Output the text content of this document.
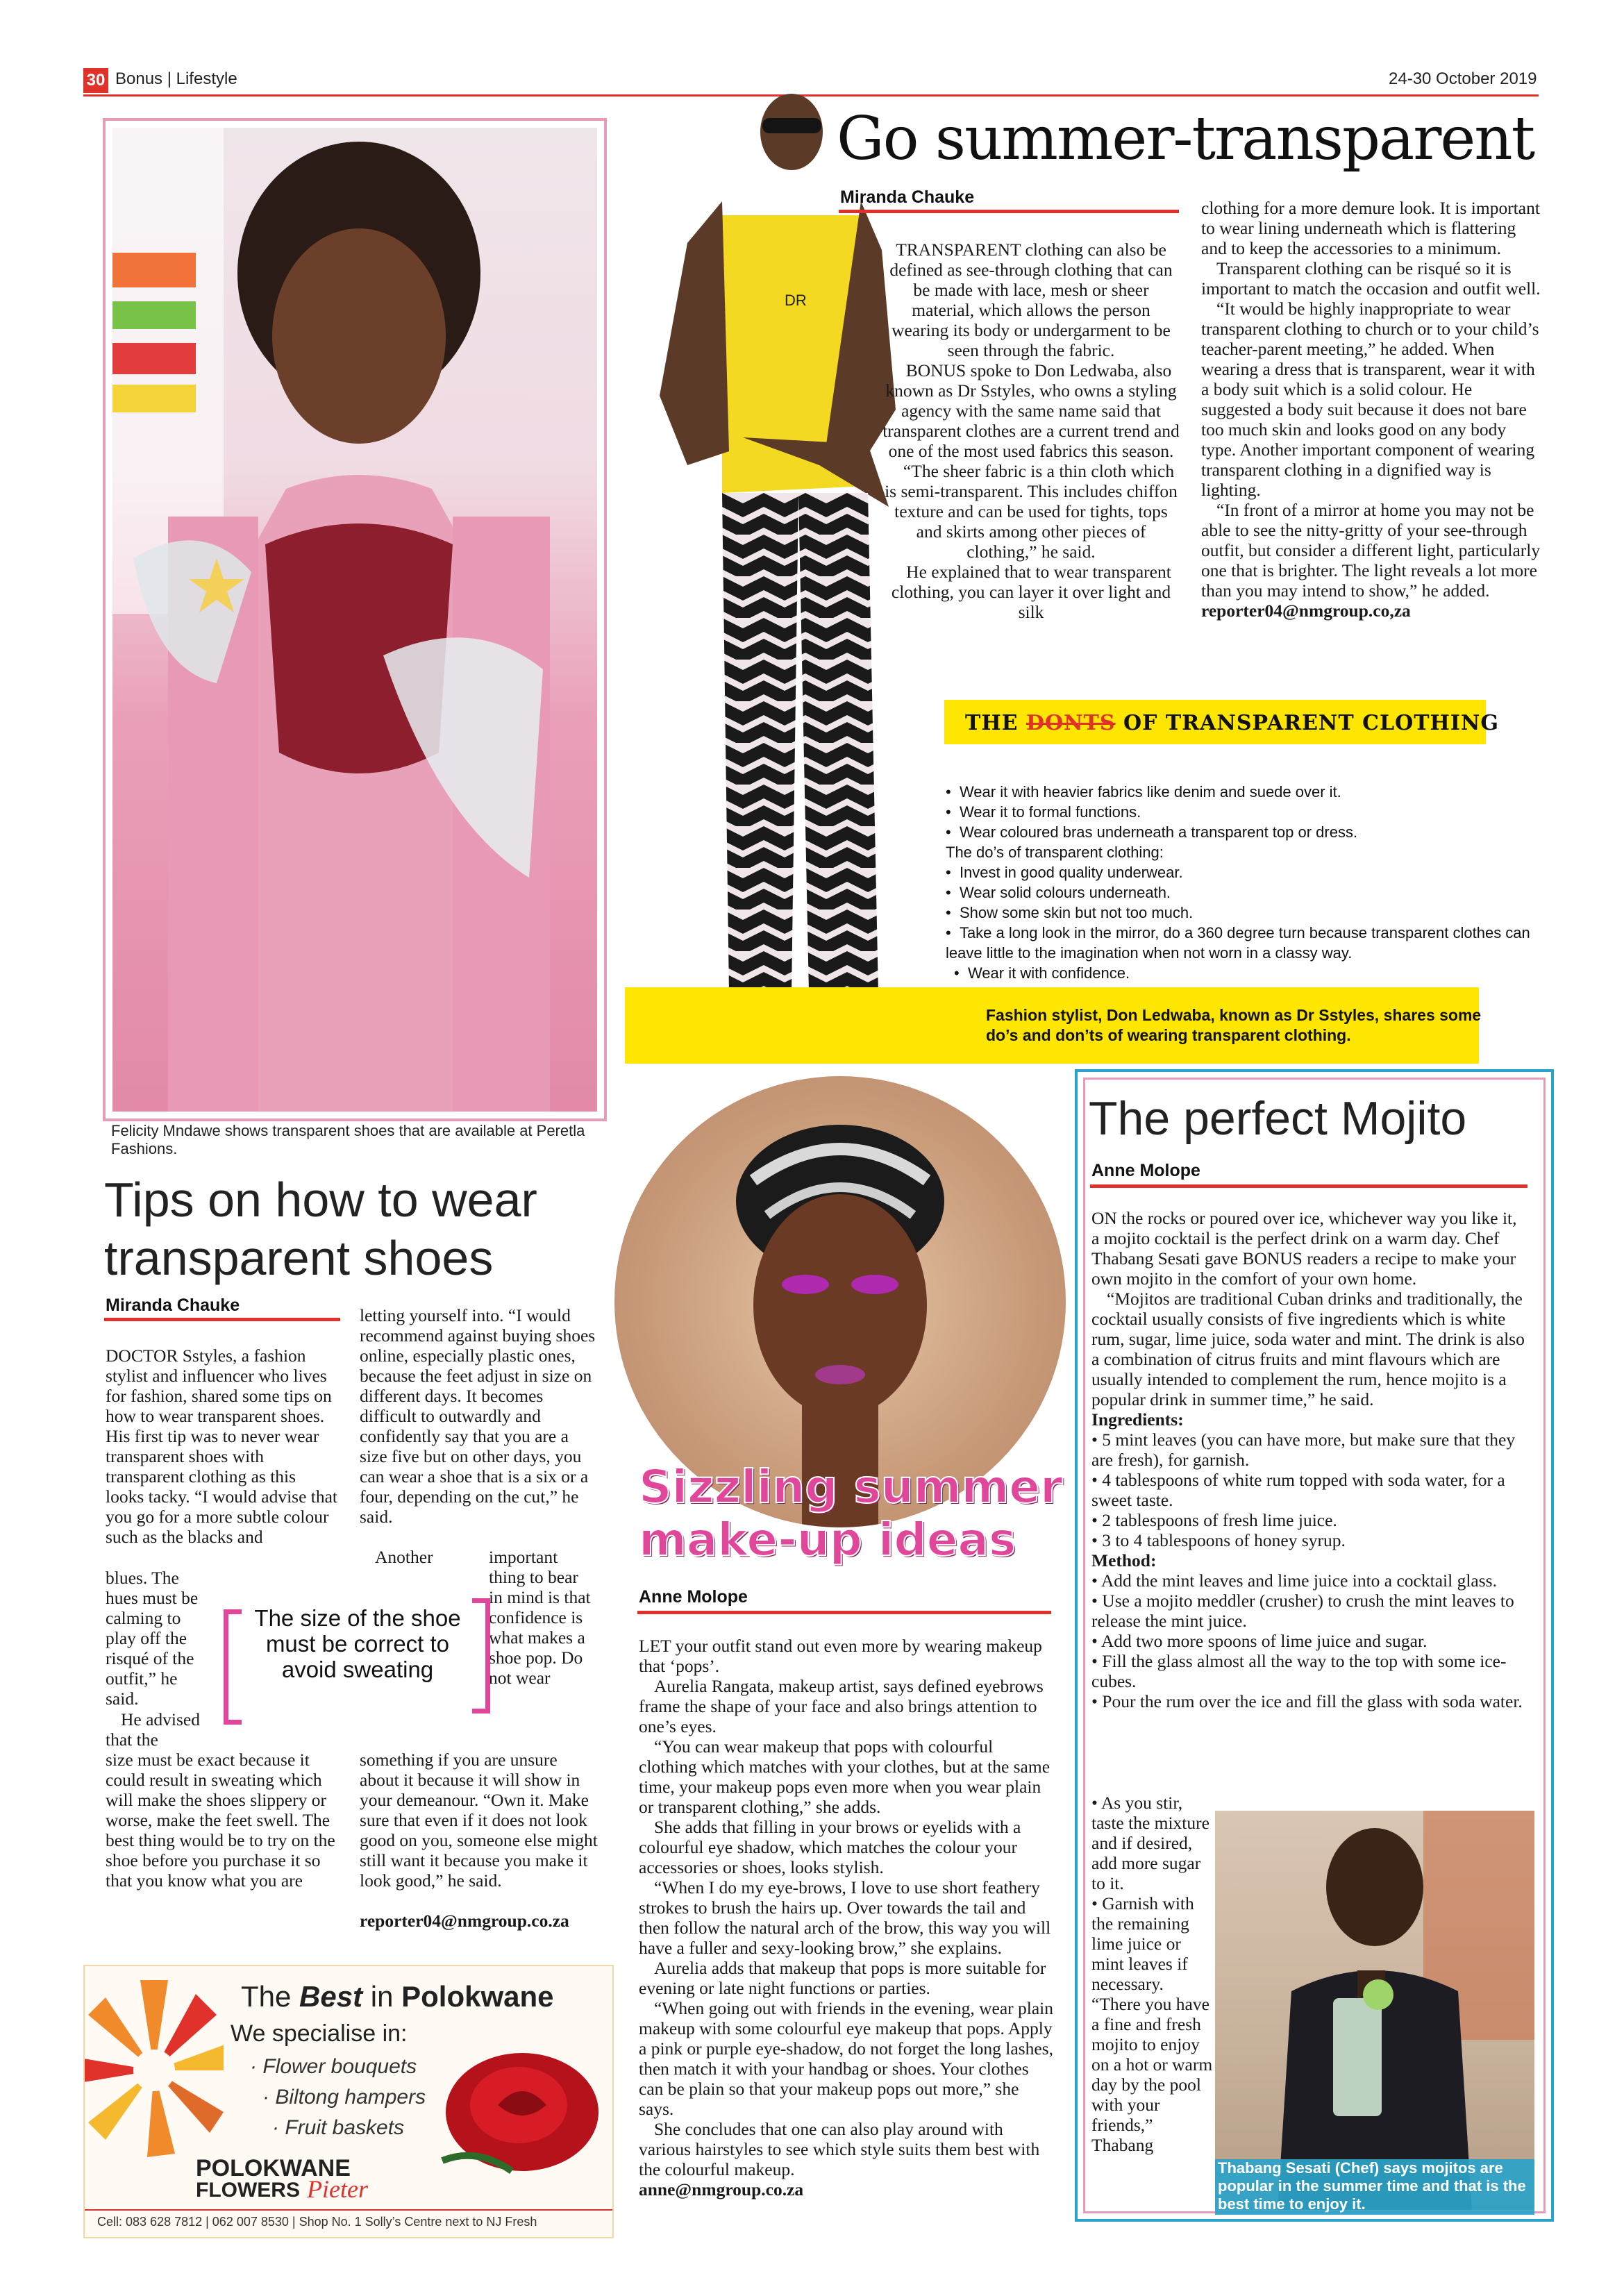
30 Bonus | Lifestyle	24-30 October 2019
Go summer-transparent
Felicity Mndawe shows transparent shoes that are available at Peretla Fashions.
DR
Miranda Chauke

TRANSPARENT clothing can also be defined as see-through clothing that can be made with lace, mesh or sheer material, which allows the person wearing its body or undergarment to be seen through the fabric.

BONUS spoke to Don Ledwaba, also known as Dr Sstyles, who owns a styling agency with the same name said that transparent clothes are a current trend and one of the most used fabrics this season.

“The sheer fabric is a thin cloth which is semi-transparent. This includes chiffon texture and can be used for tights, tops and skirts among other pieces of clothing,” he said.

He explained that to wear transparent clothing, you can layer it over light and silk

clothing for a more demure look. It is important to wear lining underneath which is flattering and to keep the accessories to a minimum.

Transparent clothing can be risqué so it is important to match the occasion and outfit well.

“It would be highly inappropriate to wear transparent clothing to church or to your child’s teacher-parent meeting,” he added. When wearing a dress that is transparent, wear it with a body suit which is a solid colour. He suggested a body suit because it does not bare too much skin and looks good on any body type. Another important component of wearing transparent clothing in a dignified way is lighting.

“In front of a mirror at home you may not be able to see the nitty-gritty of your see-through outfit, but consider a different light, particularly one that is brighter. The light reveals a lot more than you may intend to show,” he added.

reporter04@nmgroup.co,za

THE DONTS OF TRANSPARENT CLOTHING
•  Wear it with heavier fabrics like denim and suede over it.
•  Wear it to formal functions.
•  Wear coloured bras underneath a transparent top or dress.
The do’s of transparent clothing:
•  Invest in good quality underwear.
•  Wear solid colours underneath.
•  Show some skin but not too much.
•  Take a long look in the mirror, do a 360 degree turn because transparent clothes can leave little to the imagination when not worn in a classy way.
•  Wear it with confidence.
Fashion stylist, Don Ledwaba, known as Dr Sstyles, shares some do’s and don’ts of wearing transparent clothing.
Tips on how to wear
transparent shoes
Miranda Chauke
DOCTOR Sstyles, a fashion stylist and influencer who lives for fashion, shared some tips on how to wear transparent shoes. His first tip was to never wear transparent shoes with transparent clothing as this looks tacky. “I would advise that you go for a more subtle colour such as the blacks and
blues. The hues must be calming to play off the risqué of the outfit,” he said.
He advised that the
size must be exact because it could result in sweating which will make the shoes slippery or worse, make the feet swell. The best thing would be to try on the shoe before you purchase it so that you know what you are
letting yourself into. “I would recommend against buying shoes online, especially plastic ones, because the feet adjust in size on different days. It becomes difficult to outwardly and confidently say that you are a size five but on other days, you can wear a shoe that is a six or a four, depending on the cut,” he said.
Another	important thing to bear in mind is that confidence is what makes a shoe pop. Do not wear
something if you are unsure about it because it will show in your demeanour. “Own it. Make sure that even if it does not look good on you, someone else might still want it because you make it look good,” he said.
reporter04@nmgroup.co.za
The size of the shoe must be correct to avoid sweating
Sizzling summer
make-up ideas
Anne Molope

LET your outfit stand out even more by wearing makeup that ‘pops’.

Aurelia Rangata, makeup artist, says defined eyebrows frame the shape of your face and also brings attention to one’s eyes.

“You can wear makeup that pops with colourful clothing which matches with your clothes, but at the same time, your makeup pops even more when you wear plain or transparent clothing,” she adds.

She adds that filling in your brows or eyelids with a colourful eye shadow, which matches the colour your accessories or shoes, looks stylish.

“When I do my eye-brows, I love to use short feathery strokes to brush the hairs up. Over towards the tail and then follow the natural arch of the brow, this way you will have a fuller and sexy-looking brow,” she explains.

Aurelia adds that makeup that pops is more suitable for evening or late night functions or parties.

“When going out with friends in the evening, wear plain makeup with some colourful eye makeup that pops. Apply a pink or purple eye-shadow, do not forget the long lashes, then match it with your handbag or shoes. Your clothes can be plain so that your makeup pops out more,” she says.

She concludes that one can also play around with various hairstyles to see which style suits them best with the colourful makeup.

anne@nmgroup.co.za

The perfect Mojito
Anne Molope

ON the rocks or poured over ice, whichever way you like it, a mojito cocktail is the perfect drink on a warm day. Chef Thabang Sesati gave BONUS readers a recipe to make your own mojito in the comfort of your own home.

“Mojitos are traditional Cuban drinks and traditionally, the cocktail usually consists of five ingredients which is white rum, sugar, lime juice, soda water and mint. The drink is also a combination of citrus fruits and mint flavours which are usually intended to complement the rum, hence mojito is a popular drink in summer time,” he said.

Ingredients:

• 5 mint leaves (you can have more, but make sure that they are fresh), for garnish.

• 4 tablespoons of white rum topped with soda water, for a sweet taste.

• 2 tablespoons of fresh lime juice.

• 3 to 4 tablespoons of honey syrup.

Method:

• Add the mint leaves and lime juice into a cocktail glass.

• Use a mojito meddler (crusher) to crush the mint leaves to release the mint juice.

• Add two more spoons of lime juice and sugar.

• Fill the glass almost all the way to the top with some ice-cubes.

• Pour the rum over the ice and fill the glass with soda water.

• As you stir, taste the mixture and if desired, add more sugar to it.
• Garnish with the remaining lime juice or mint leaves if necessary.
“There you have a fine and fresh mojito to enjoy on a hot or warm day by the pool with your friends,” Thabang
Thabang Sesati (Chef) says mojitos are popular in the summer time and that is the best time to enjoy it.
The Best in Polokwane
We specialise in:
· Flower bouquets
· Biltong hampers
· Fruit baskets
POLOKWANE
FLOWERS Pieter
Cell: 083 628 7812 | 062 007 8530 | Shop No. 1 Solly’s Centre next to NJ Fresh
